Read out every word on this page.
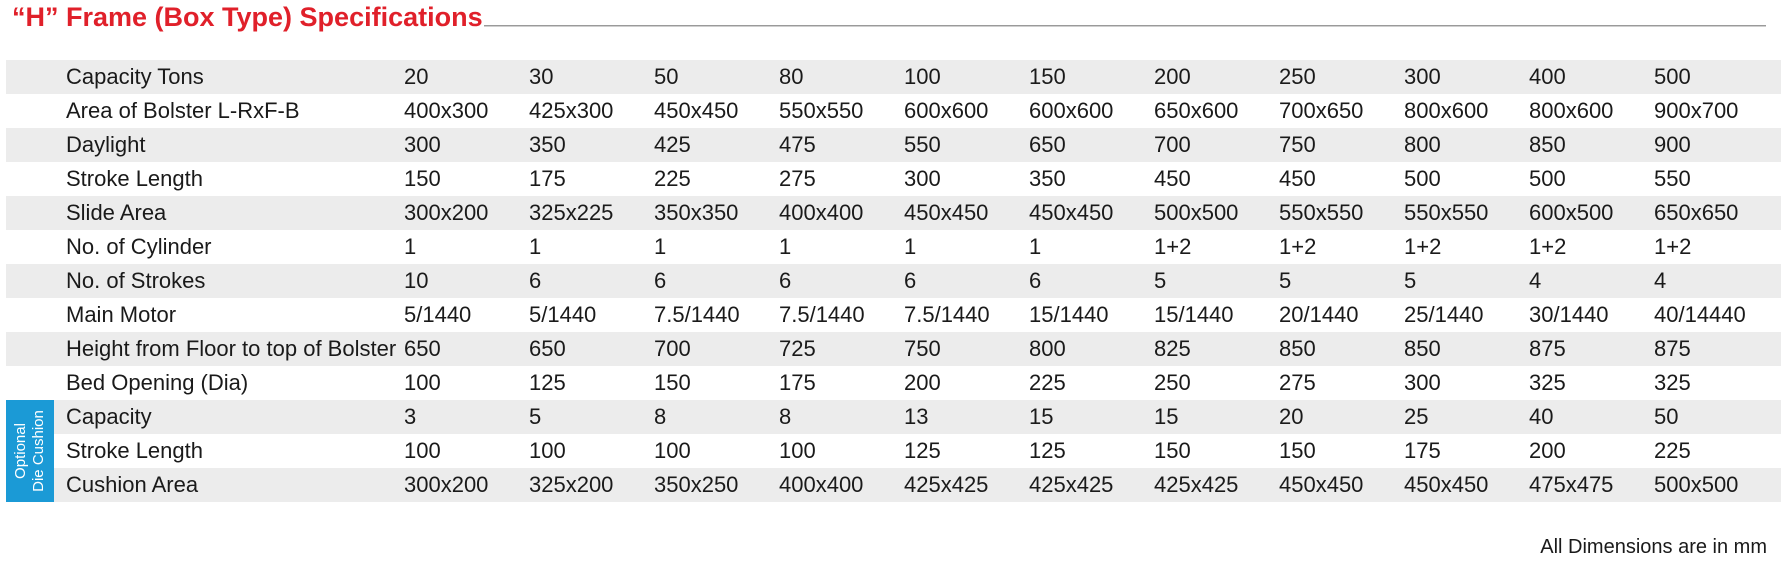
“H” Frame (Box Type) Specifications
Capacity Tons	20	30	50	80	100	150	200	250	300	400	500
Area of Bolster L-RxF-B	400x300	425x300	450x450	550x550	600x600	600x600	650x600	700x650	800x600	800x600	900x700
Daylight	300	350	425	475	550	650	700	750	800	850	900
Stroke Length	150	175	225	275	300	350	450	450	500	500	550
Slide Area	300x200	325x225	350x350	400x400	450x450	450x450	500x500	550x550	550x550	600x500	650x650
No. of Cylinder	1	1	1	1	1	1	1+2	1+2	1+2	1+2	1+2
No. of Strokes	10	6	6	6	6	6	5	5	5	4	4
Main Motor	5/1440	5/1440	7.5/1440	7.5/1440	7.5/1440	15/1440	15/1440	20/1440	25/1440	30/1440	40/14440
Height from Floor to top of Bolster 650	650	700	725	750	800	825	850	850	875	875
Bed Opening (Dia)	100	125	150	175	200	225	250	275	300	325	325
Capacity	3	5	8	8	13	15	15	20	25	40	50
Stroke Length	100	100	100	100	125	125	150	150	175	200	225
Cushion Area	300x200	325x200	350x250	400x400	425x425	425x425	425x425	450x450	450x450	475x475	500x500
Optional Die Cushion
All Dimensions are in mm
